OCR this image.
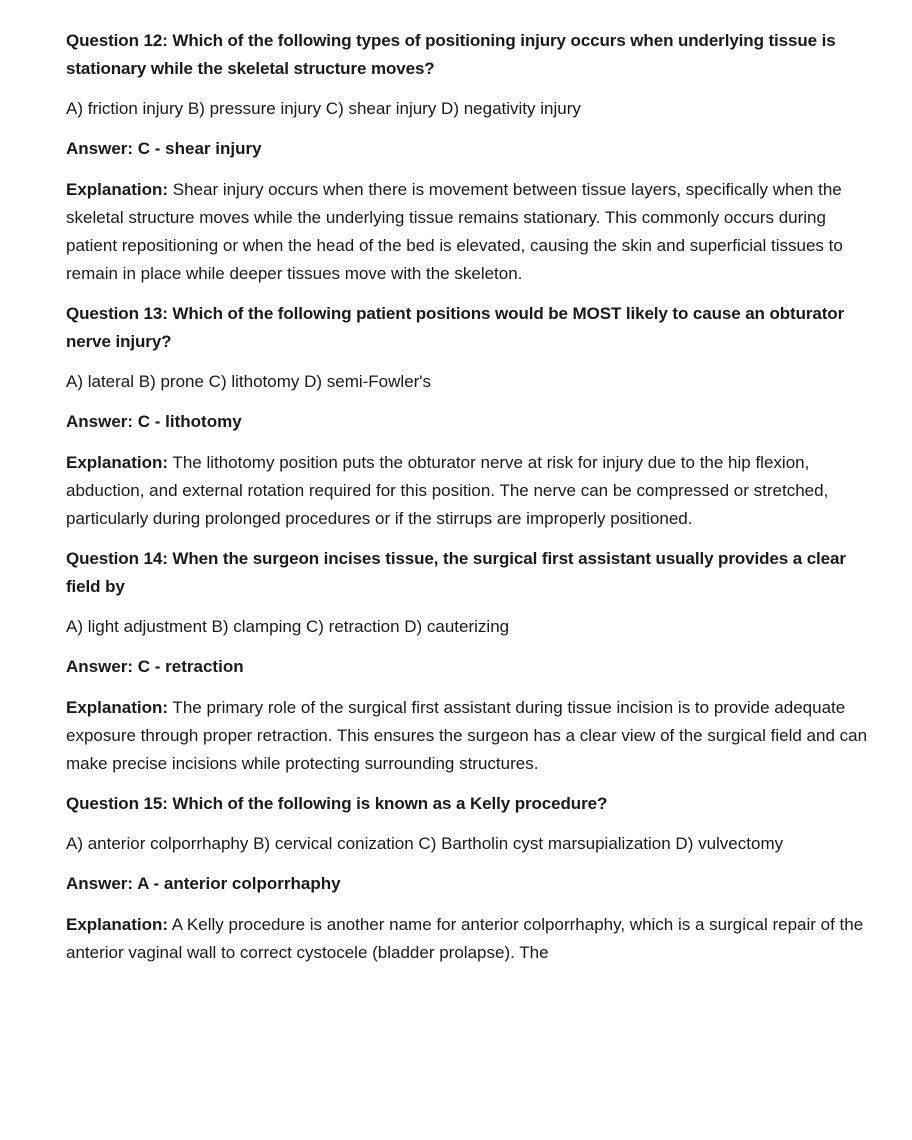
Question 12: Which of the following types of positioning injury occurs when underlying tissue is stationary while the skeletal structure moves?

A) friction injury B) pressure injury C) shear injury D) negativity injury

Answer: C - shear injury

Explanation: Shear injury occurs when there is movement between tissue layers, specifically when the skeletal structure moves while the underlying tissue remains stationary. This commonly occurs during patient repositioning or when the head of the bed is elevated, causing the skin and superficial tissues to remain in place while deeper tissues move with the skeleton.

Question 13: Which of the following patient positions would be MOST likely to cause an obturator nerve injury?

A) lateral B) prone C) lithotomy D) semi-Fowler's

Answer: C - lithotomy

Explanation: The lithotomy position puts the obturator nerve at risk for injury due to the hip flexion, abduction, and external rotation required for this position. The nerve can be compressed or stretched, particularly during prolonged procedures or if the stirrups are improperly positioned.

Question 14: When the surgeon incises tissue, the surgical first assistant usually provides a clear field by

A) light adjustment B) clamping C) retraction D) cauterizing

Answer: C - retraction

Explanation: The primary role of the surgical first assistant during tissue incision is to provide adequate exposure through proper retraction. This ensures the surgeon has a clear view of the surgical field and can make precise incisions while protecting surrounding structures.

Question 15: Which of the following is known as a Kelly procedure?

A) anterior colporrhaphy B) cervical conization C) Bartholin cyst marsupialization D) vulvectomy

Answer: A - anterior colporrhaphy

Explanation: A Kelly procedure is another name for anterior colporrhaphy, which is a surgical repair of the anterior vaginal wall to correct cystocele (bladder prolapse). The
